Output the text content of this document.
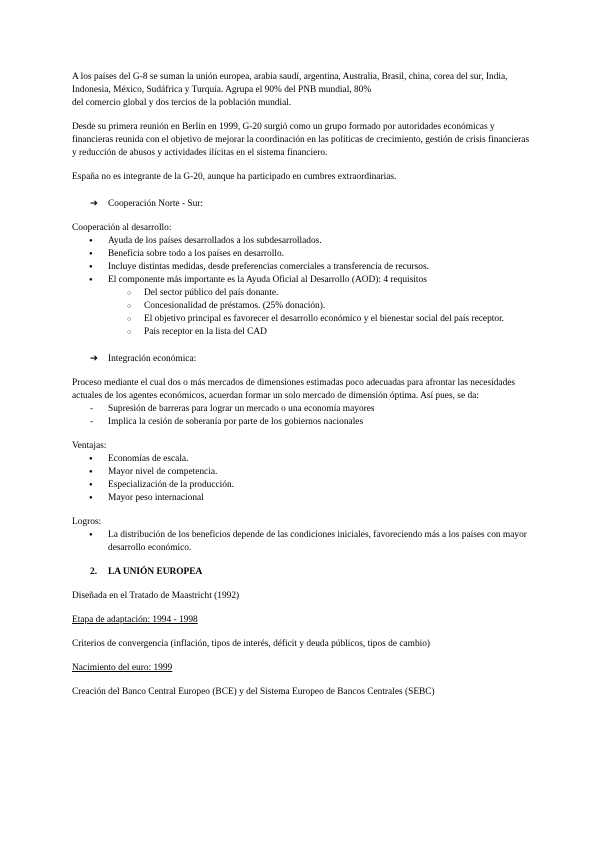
A los países del G-8 se suman la unión europea, arabia saudí, argentina, Australia, Brasil, china, corea del sur, India, Indonesia, México, Sudáfrica y Turquía. Agrupa el 90% del PNB mundial, 80%

del comercio global y dos tercios de la población mundial.

Desde su primera reunión en Berlín en 1999, G-20 surgió como un grupo formado por autoridades económicas y financieras reunida con el objetivo de mejorar la coordinación en las políticas de crecimiento, gestión de crisis financieras y reducción de abusos y actividades ilícitas en el sistema financiero.

España no es integrante de la G-20, aunque ha participado en cumbres extraordinarias.

➔	Cooperación Norte - Sur:

Cooperación al desarrollo:

● Ayuda de los países desarrollados a los subdesarrollados.
● Beneficia sobre todo a los países en desarrollo.
● Incluye distintas medidas, desde preferencias comerciales a transferencia de recursos.
● El componente más importante es la Ayuda Oficial al Desarrollo (AOD): 4 requisitos
○ Del sector público del país donante.
○ Concesionalidad de préstamos. (25% donación).
○ El objetivo principal es favorecer el desarrollo económico y el bienestar social del país receptor.
○ País receptor en la lista del CAD
➔	Integración económica:

Proceso mediante el cual dos o más mercados de dimensiones estimadas poco adecuadas para afrontar las necesidades actuales de los agentes económicos, acuerdan formar un solo mercado de dimensión óptima. Así pues, se da:

- Supresión de barreras para lograr un mercado o una economía mayores
- Implica la cesión de soberanía por parte de los gobiernos nacionales

Ventajas:

● Economías de escala.
● Mayor nivel de competencia.
● Especialización de la producción.
● Mayor peso internacional

Logros:

● La distribución de los beneficios depende de las condiciones iniciales, favoreciendo más a los países con mayor desarrollo económico.
2.	LA UNIÓN EUROPEA

Diseñada en el Tratado de Maastricht (1992)

Etapa de adaptación: 1994 - 1998

Criterios de convergencia (inflación, tipos de interés, déficit y deuda públicos, tipos de cambio)

Nacimiento del euro: 1999

Creación del Banco Central Europeo (BCE) y del Sistema Europeo de Bancos Centrales (SEBC)
